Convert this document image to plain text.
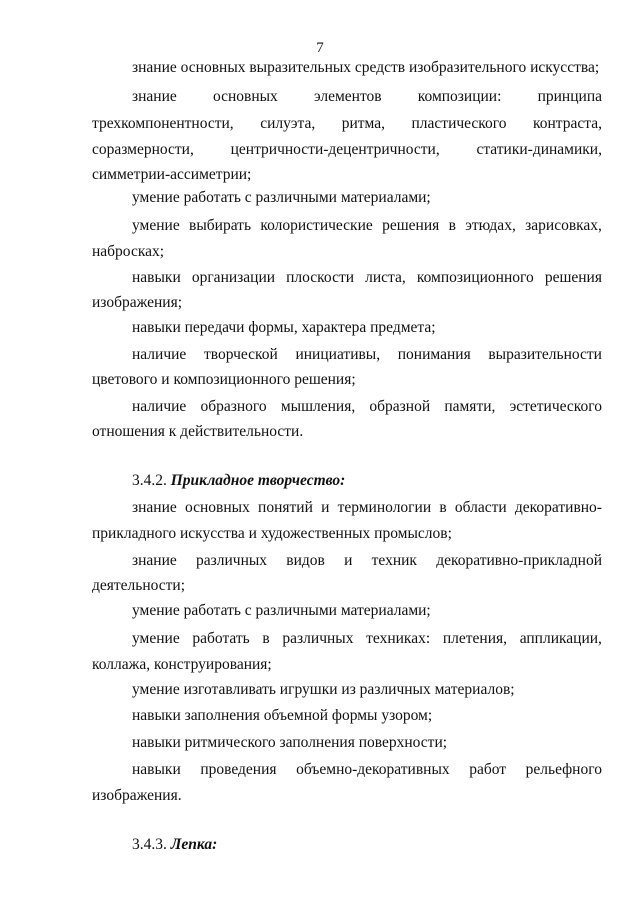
7
знание основных выразительных средств изобразительного искусства;
знание основных элементов композиции: принципа
трехкомпонентности, силуэта, ритма, пластического контраста,
соразмерности, центричности-децентричности, статики-динамики,
симметрии-ассиметрии;
умение работать с различными материалами;
умение выбирать колористические решения в этюдах, зарисовках,
набросках;
навыки организации плоскости листа, композиционного решения
изображения;
навыки передачи формы, характера предмета;
наличие творческой инициативы, понимания выразительности
цветового и композиционного решения;
наличие образного мышления, образной памяти, эстетического
отношения к действительности.
3.4.2. Прикладное творчество:
знание основных понятий и терминологии в области декоративно-
прикладного искусства и художественных промыслов;
знание различных видов и техник декоративно-прикладной
деятельности;
умение работать с различными материалами;
умение работать в различных техниках: плетения, аппликации,
коллажа, конструирования;
умение изготавливать игрушки из различных материалов;
навыки заполнения объемной формы узором;
навыки ритмического заполнения поверхности;
навыки проведения объемно-декоративных работ рельефного
изображения.
3.4.3. Лепка:
